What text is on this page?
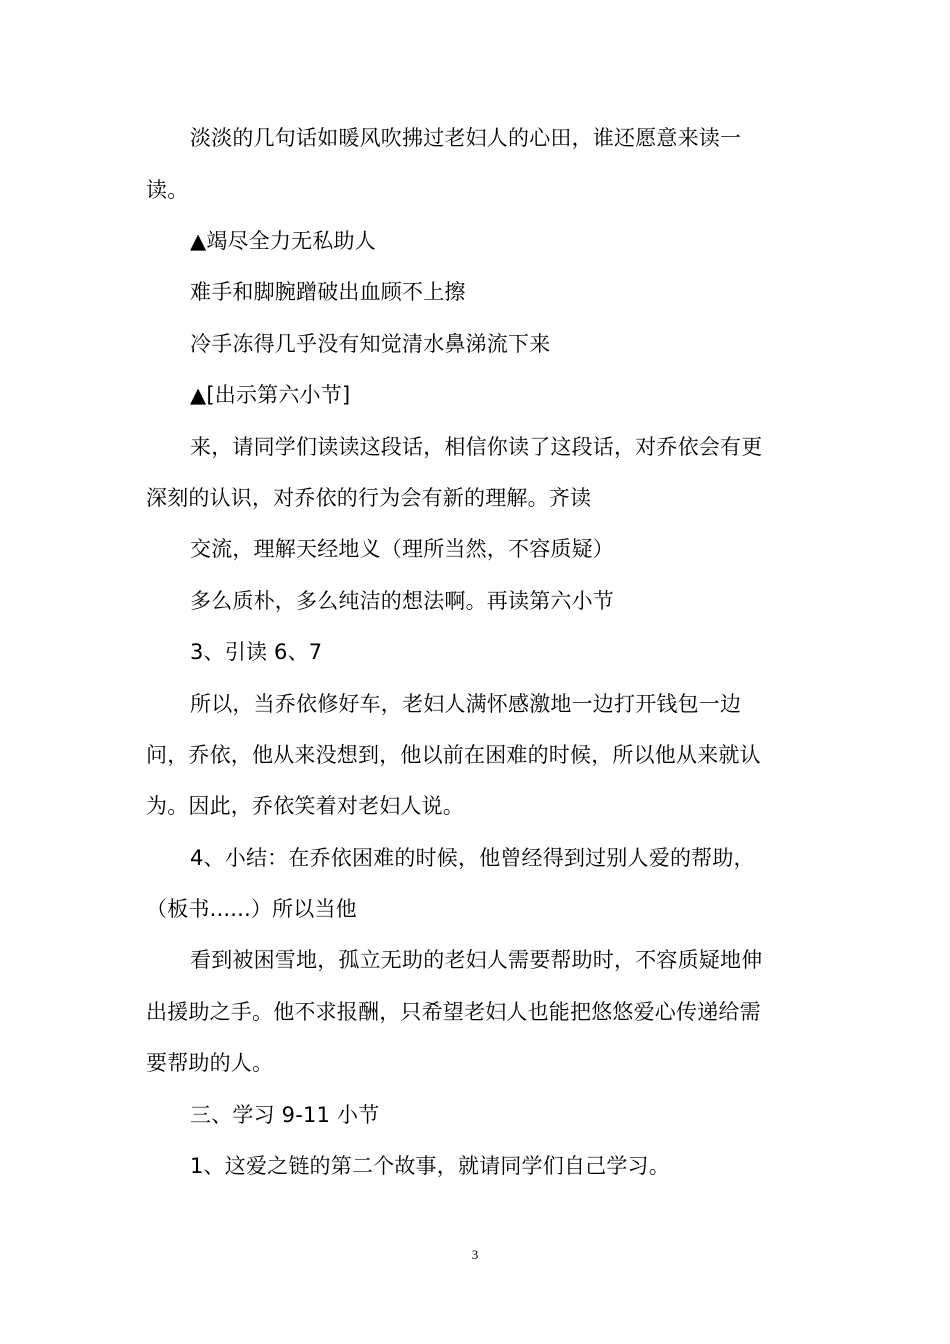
淡淡的几句话如暖风吹拂过老妇人的心田，谁还愿意来读一
读。
▲竭尽全力无私助人
难手和脚腕蹭破出血顾不上擦
冷手冻得几乎没有知觉清水鼻涕流下来
▲[出示第六小节]
来，请同学们读读这段话，相信你读了这段话，对乔依会有更
深刻的认识，对乔依的行为会有新的理解。齐读
交流，理解天经地义（理所当然，不容质疑）
多么质朴，多么纯洁的想法啊。再读第六小节
3、引读 6、7
所以，当乔依修好车，老妇人满怀感激地一边打开钱包一边
问，乔依，他从来没想到，他以前在困难的时候，所以他从来就认
为。因此，乔依笑着对老妇人说。
4、小结：在乔依困难的时候，他曾经得到过别人爱的帮助，
（板书......）所以当他
看到被困雪地，孤立无助的老妇人需要帮助时，不容质疑地伸
出援助之手。他不求报酬，只希望老妇人也能把悠悠爱心传递给需
要帮助的人。
三、学习 9-11 小节
1、这爱之链的第二个故事，就请同学们自己学习。
3
